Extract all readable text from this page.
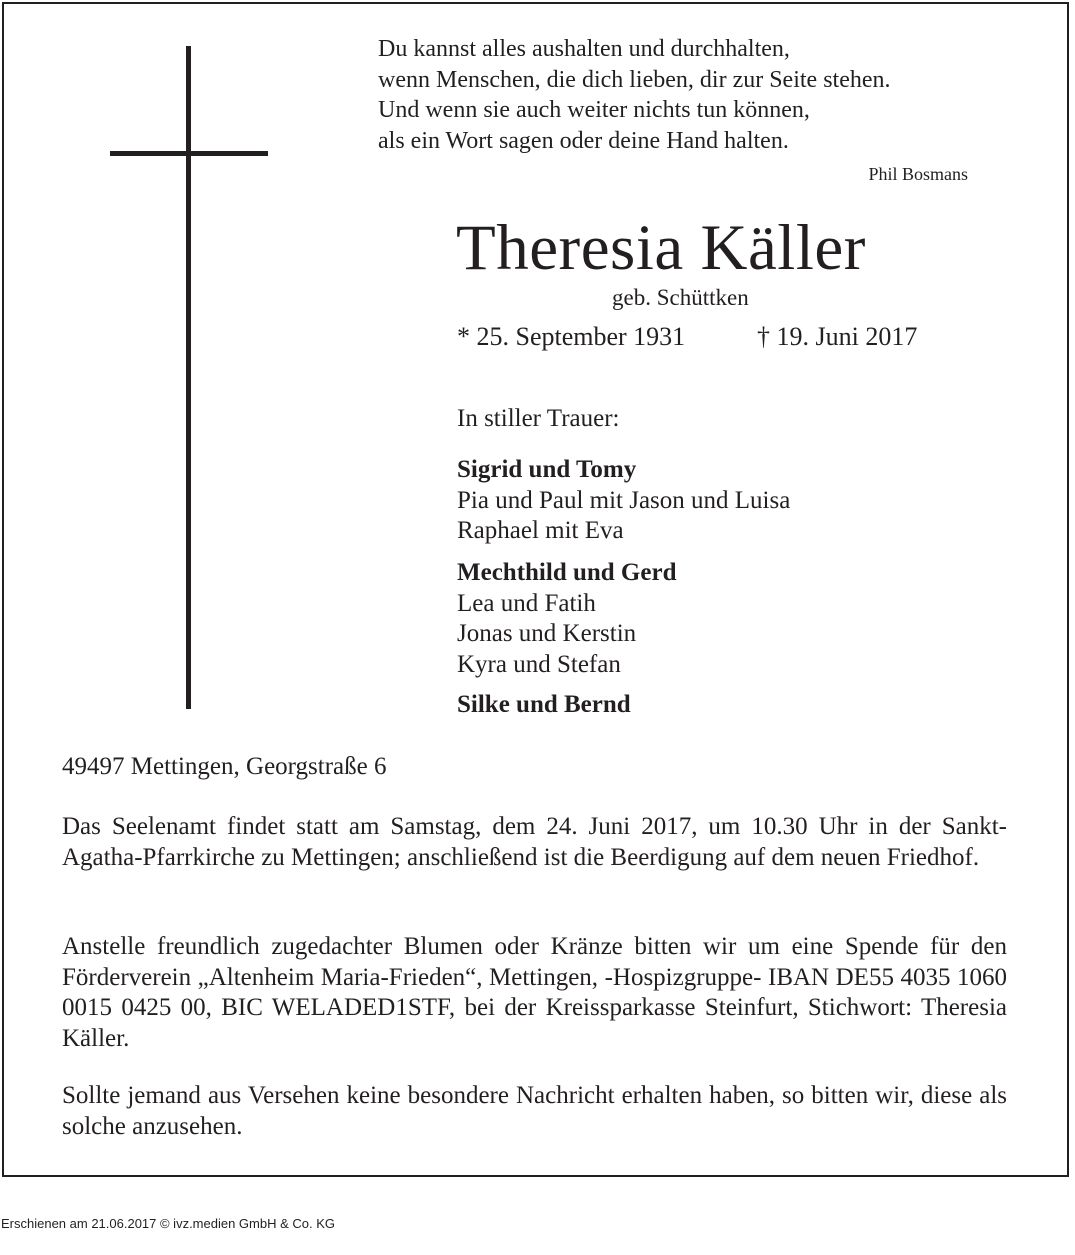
Du kannst alles aushalten und durchhalten,
wenn Menschen, die dich lieben, dir zur Seite stehen.
Und wenn sie auch weiter nichts tun können,
als ein Wort sagen oder deine Hand halten.
Phil Bosmans
Theresia Käller
geb. Schüttken
* 25. September 1931	† 19. Juni 2017
In stiller Trauer:
Sigrid und Tomy
Pia und Paul mit Jason und Luisa
Raphael mit Eva
Mechthild und Gerd
Lea und Fatih
Jonas und Kerstin
Kyra und Stefan
Silke und Bernd
49497 Mettingen, Georgstraße 6
Das Seelenamt findet statt am Samstag, dem 24. Juni 2017, um 10.30 Uhr in der Sankt-Agatha-Pfarrkirche zu Mettingen; anschließend ist die Beerdigung auf dem neuen Friedhof.
Anstelle freundlich zugedachter Blumen oder Kränze bitten wir um eine Spende für den Förderverein „Altenheim Maria-Frieden“, Mettingen, -Hospizgruppe- IBAN DE55 4035 1060 0015 0425 00, BIC WELADED1STF, bei der Kreissparkasse Steinfurt, Stichwort: Theresia Käller.
Sollte jemand aus Versehen keine besondere Nachricht erhalten haben, so bitten wir, diese als solche anzusehen.
Erschienen am 21.06.2017 © ivz.medien GmbH & Co. KG
